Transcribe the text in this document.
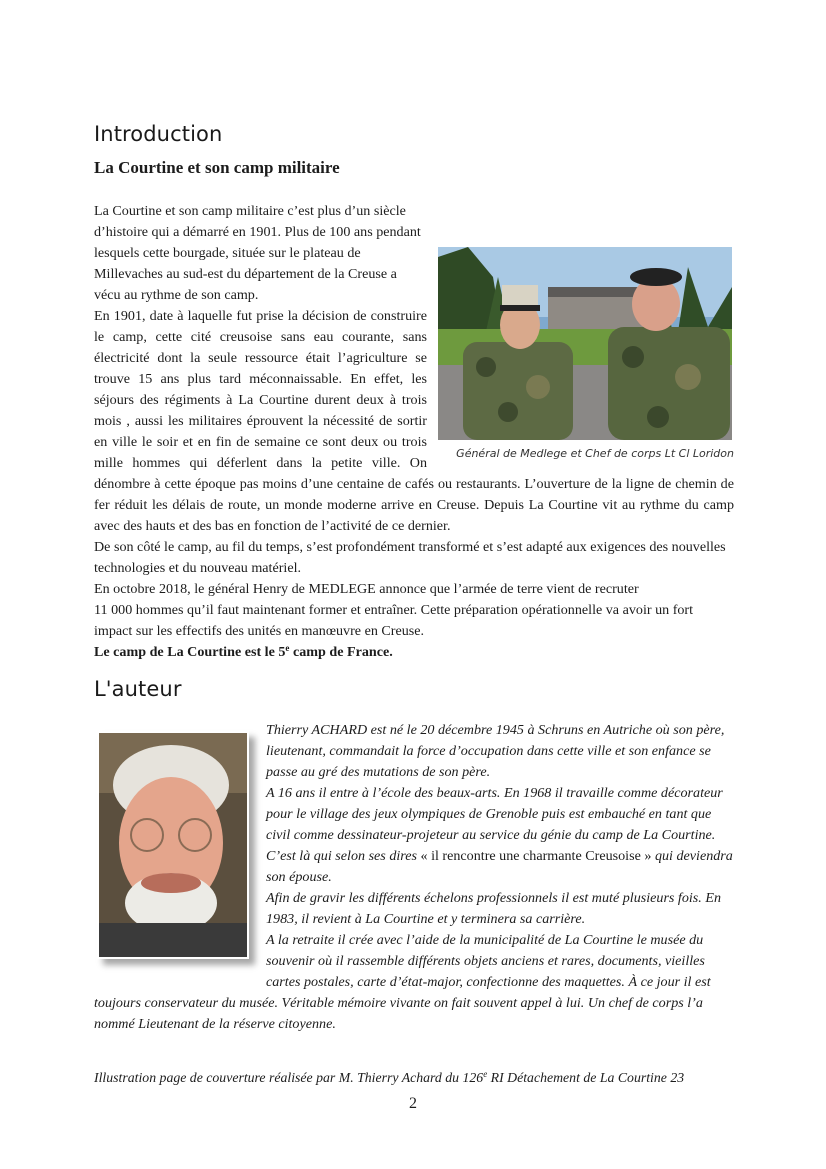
Introduction
La Courtine et son camp militaire
Général de Medlege et Chef de corps Lt Cl Loridon

La Courtine et son camp militaire c’est plus d’un siècle d’histoire qui a démarré en 1901. Plus de 100 ans pendant lesquels cette bourgade, située sur le plateau de Millevaches au sud-est du département de la Creuse a vécu au rythme de son camp.

En 1901, date à laquelle fut prise la décision de construire le camp, cette cité creusoise sans eau courante, sans électricité dont la seule ressource était l’agriculture se trouve 15 ans plus tard méconnaissable. En effet, les séjours des régiments à La Courtine durent deux à trois mois , aussi les militaires éprouvent la nécessité de sortir en ville le soir et en fin de semaine ce sont deux ou trois mille hommes qui déferlent dans la petite ville. On dénombre à cette époque pas moins d’une centaine de cafés ou restaurants. L’ouverture de la ligne de chemin de fer réduit les délais de route, un monde moderne arrive en Creuse. Depuis La Courtine vit au rythme du camp avec des hauts et des bas en fonction de l’activité de ce dernier.

De son côté le camp, au fil du temps, s’est profondément transformé et s’est adapté aux exigences des nouvelles technologies et du nouveau matériel.

En octobre 2018, le général Henry de MEDLEGE annonce que l’armée de terre vient de recruter

11 000 hommes qu’il faut maintenant former et entraîner. Cette préparation opérationnelle va avoir un fort impact sur les effectifs des unités en manœuvre en Creuse.

Le camp de La Courtine est le 5e camp de France.

L'auteur

Thierry ACHARD est né le 20 décembre 1945 à Schruns en Autriche où son père, lieutenant, commandait la force d’occupation dans cette ville et son enfance se passe au gré des mutations de son père.

A 16 ans il entre à l’école des beaux-arts. En 1968 il travaille comme décorateur pour le village des jeux olympiques de Grenoble puis est embauché en tant que civil comme dessinateur-projeteur au service du génie du camp de La Courtine. C’est là qui selon ses dires « il rencontre une charmante Creusoise » qui deviendra son épouse.

Afin de gravir les différents échelons professionnels il est muté plusieurs fois. En 1983, il revient à La Courtine et y terminera sa carrière.

A la retraite il crée avec l’aide de la municipalité de La Courtine le musée du souvenir où il rassemble différents objets anciens et rares, documents, vieilles cartes postales, carte d’état-major, confectionne des maquettes. À ce jour il est toujours conservateur du musée. Véritable mémoire vivante on fait souvent appel à lui. Un chef de corps l’a nommé Lieutenant de la réserve citoyenne.

Illustration page de couverture réalisée par M. Thierry Achard du 126e RI Détachement de La Courtine 23
2
